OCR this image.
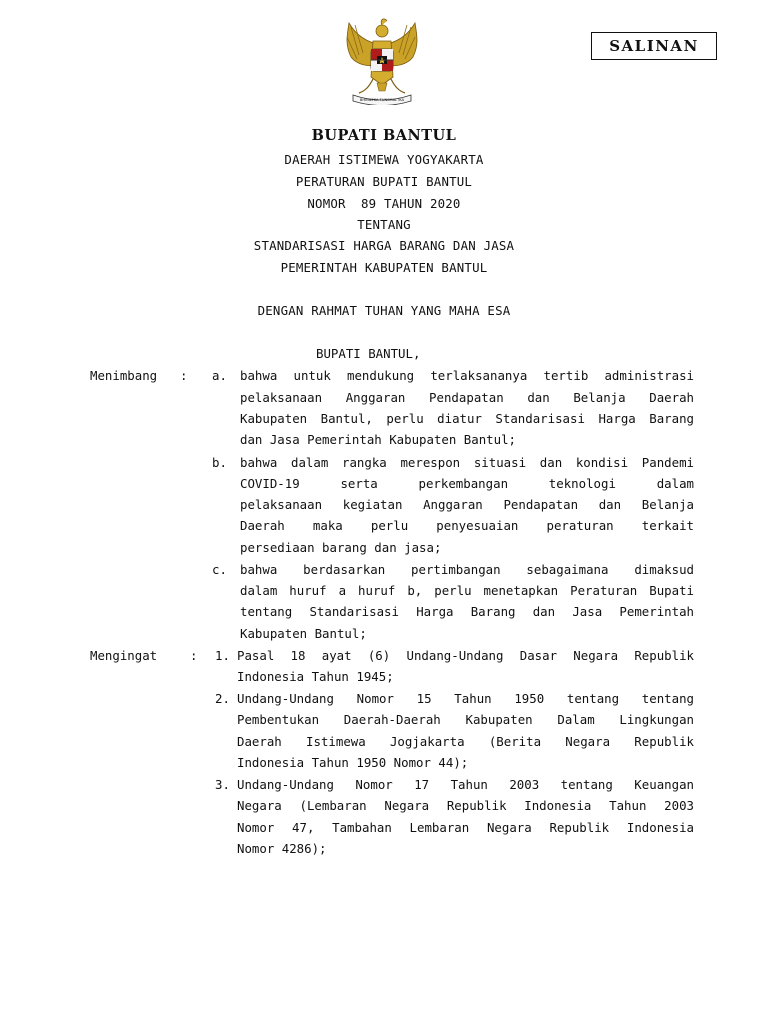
SALINAN
BHINNEKA TUNGGAL IKA
BUPATI BANTUL
DAERAH ISTIMEWA YOGYAKARTA
PERATURAN BUPATI BANTUL
NOMOR  89 TAHUN 2020
TENTANG
STANDARISASI HARGA BARANG DAN JASA
PEMERINTAH KABUPATEN BANTUL
DENGAN RAHMAT TUHAN YANG MAHA ESA
BUPATI BANTUL,
Menimbang : a. bahwa untuk mendukung terlaksananya tertib administrasi
pelaksanaan Anggaran Pendapatan dan Belanja Daerah
Kabupaten Bantul, perlu diatur Standarisasi Harga Barang
dan Jasa Pemerintah Kabupaten Bantul;
b. bahwa dalam rangka merespon situasi dan kondisi Pandemi
COVID-19 serta perkembangan teknologi dalam
pelaksanaan kegiatan Anggaran Pendapatan dan Belanja
Daerah maka perlu penyesuaian peraturan terkait
persediaan barang dan jasa;
c. bahwa berdasarkan pertimbangan sebagaimana dimaksud
dalam huruf a huruf b, perlu menetapkan Peraturan Bupati
tentang Standarisasi Harga Barang dan Jasa Pemerintah
Kabupaten Bantul;
Mengingat	: 1. Pasal 18 ayat (6) Undang-Undang Dasar Negara Republik
Indonesia Tahun 1945;
2. Undang-Undang Nomor 15 Tahun 1950 tentang tentang
Pembentukan Daerah-Daerah Kabupaten Dalam Lingkungan
Daerah Istimewa Jogjakarta (Berita Negara Republik
Indonesia Tahun 1950 Nomor 44);
3. Undang-Undang Nomor 17 Tahun 2003 tentang Keuangan
Negara (Lembaran Negara Republik Indonesia Tahun 2003
Nomor 47, Tambahan Lembaran Negara Republik Indonesia
Nomor 4286);
